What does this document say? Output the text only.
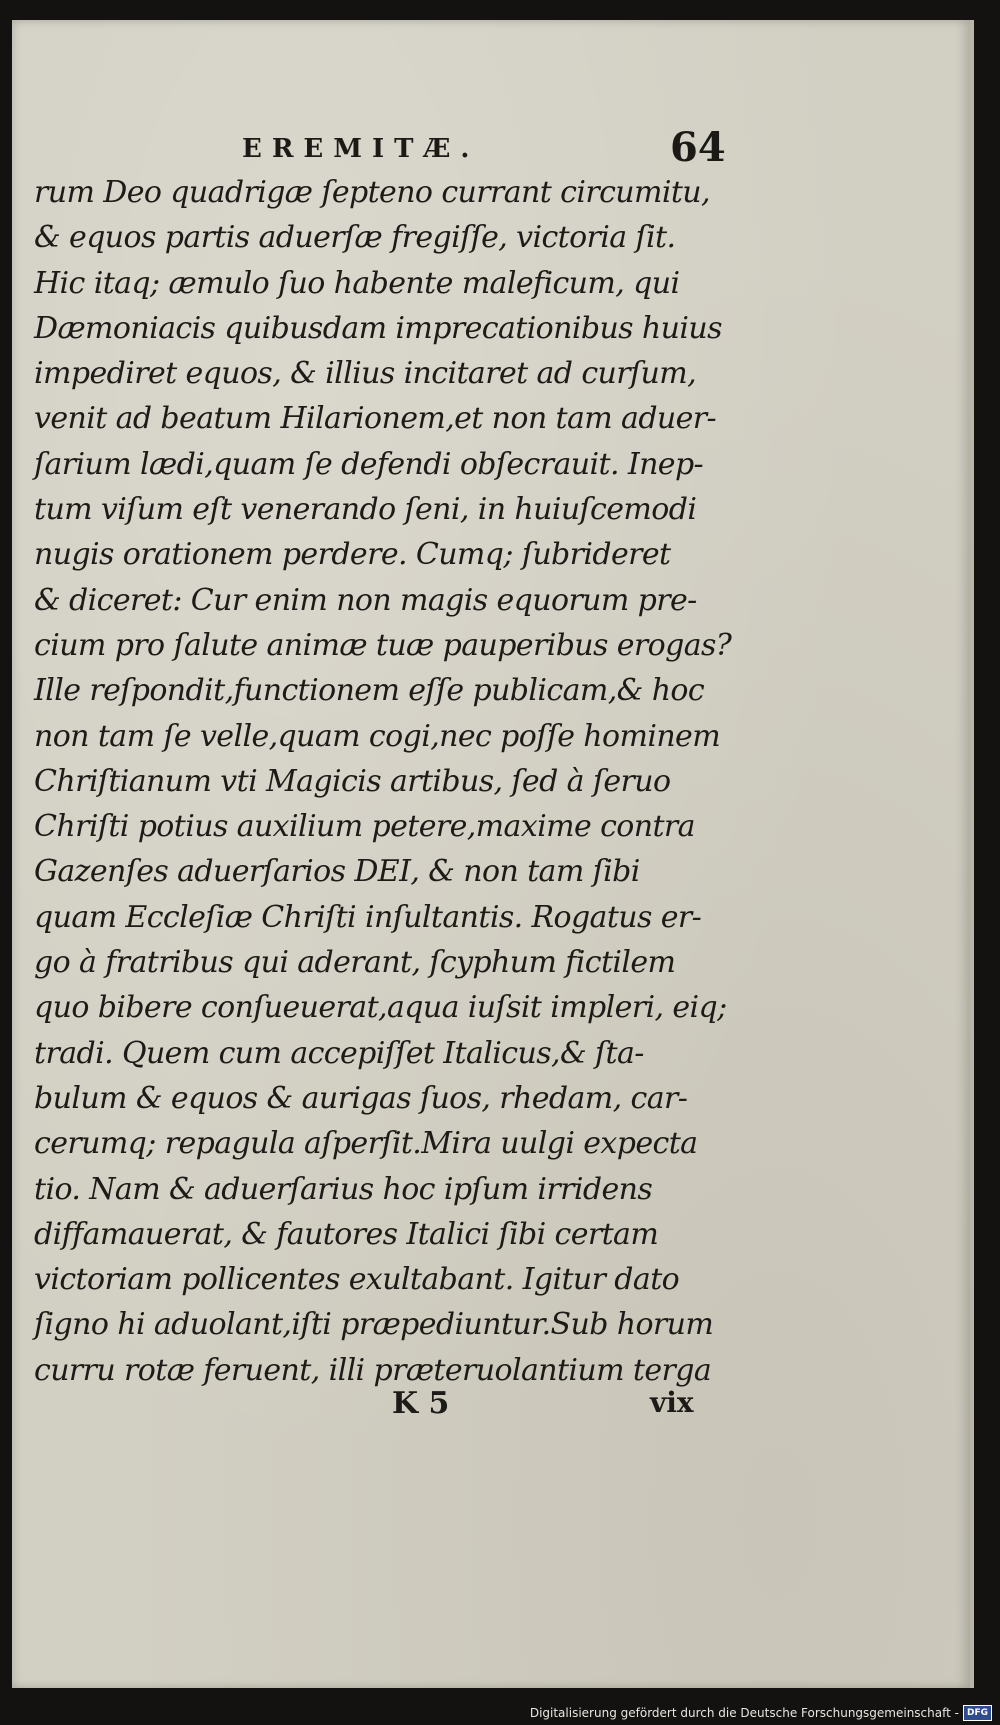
EREMITÆ.	64
rum Deo quadrigæ ſepteno currant circumitu,
& equos partis aduerſæ fregiſſe, victoria ſit.
Hic itaq; æmulo ſuo habente maleficum, qui
Dæmoniacis quibusdam imprecationibus huius
impediret equos, & illius incitaret ad curſum,
venit ad beatum Hilarionem,et non tam aduer-
ſarium lædi,quam ſe defendi obſecrauit. Inep-
tum viſum eſt venerando ſeni, in huiuſcemodi
nugis orationem perdere. Cumq; ſubrideret
& diceret: Cur enim non magis equorum pre-
cium pro ſalute animæ tuæ pauperibus erogas?
Ille reſpondit,functionem eſſe publicam,& hoc
non tam ſe velle,quam cogi,nec poſſe hominem
Chriſtianum vti Magicis artibus, ſed à ſeruo
Chriſti potius auxilium petere,maxime contra
Gazenſes aduerſarios DEI, & non tam ſibi
quam Eccleſiæ Chriſti inſultantis. Rogatus er-
go à fratribus qui aderant, ſcyphum fictilem
quo bibere conſueuerat,aqua iuſsit impleri, eiq;
tradi. Quem cum accepiſſet Italicus,& ſta-
bulum & equos & aurigas ſuos, rhedam, car-
cerumq; repagula aſperſit.Mira uulgi expecta
tio. Nam & aduerſarius hoc ipſum irridens
diffamauerat, & fautores Italici ſibi certam
victoriam pollicentes exultabant. Igitur dato
ſigno hi aduolant,iſti præpediuntur.Sub horum
curru rotæ feruent, illi præteruolantium terga
K 5	vix
Digitalisierung gefördert durch die Deutsche Forschungsgemeinschaft - DFG
